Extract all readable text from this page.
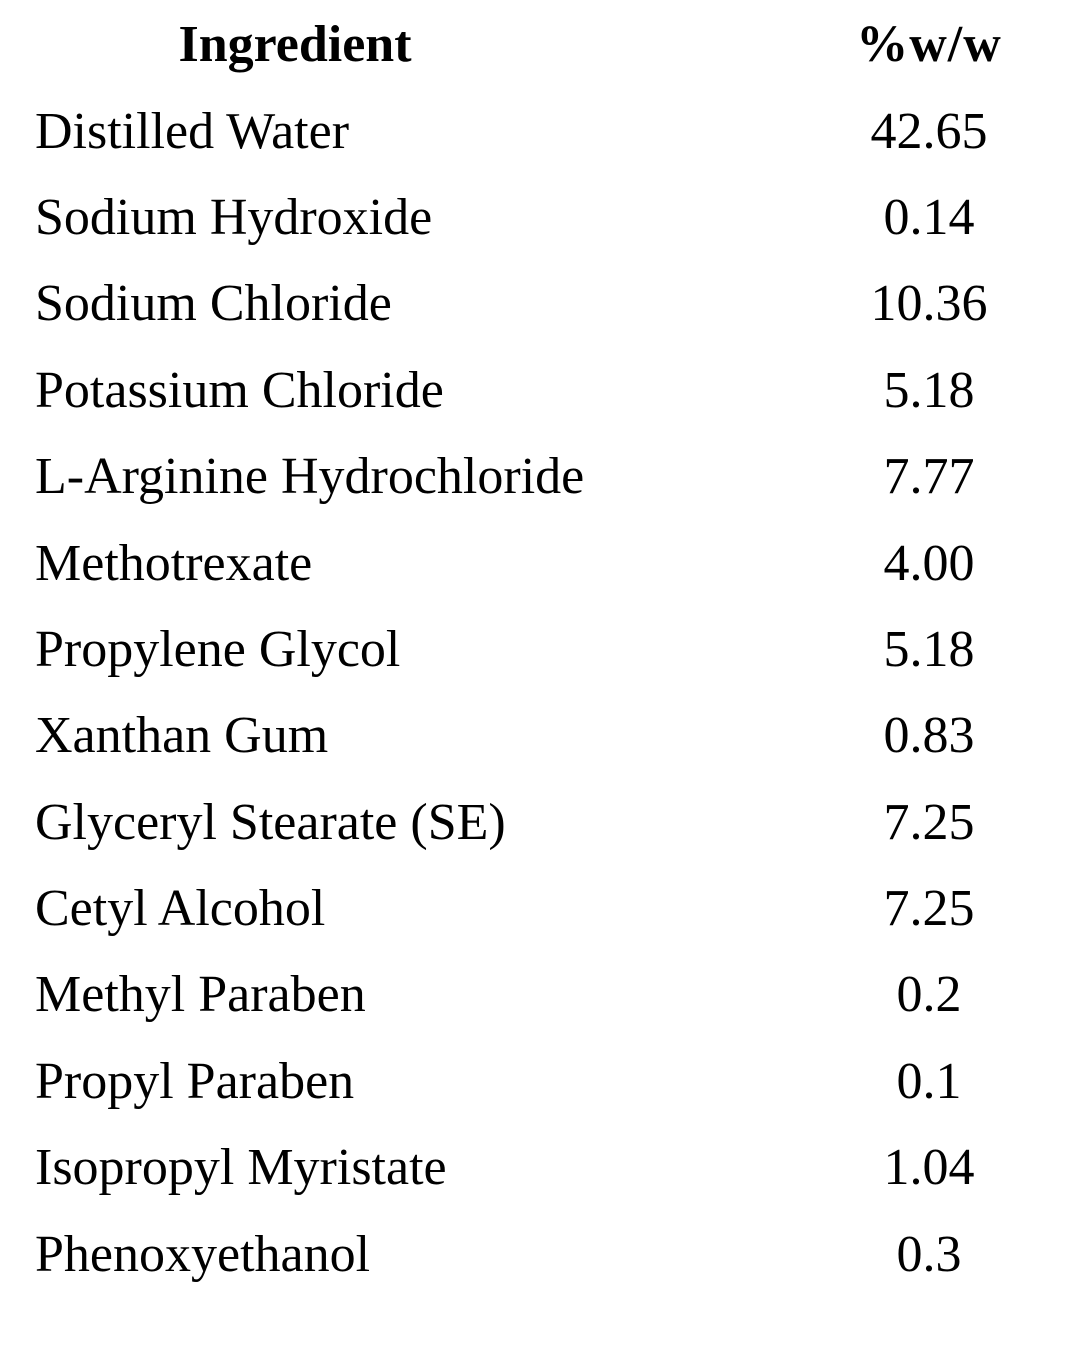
Ingredient	%w/w
Distilled Water	42.65
Sodium Hydroxide	0.14
Sodium Chloride	10.36
Potassium Chloride	5.18
L-Arginine Hydrochloride	7.77
Methotrexate	4.00
Propylene Glycol	5.18
Xanthan Gum	0.83
Glyceryl Stearate (SE)	7.25
Cetyl Alcohol	7.25
Methyl Paraben	0.2
Propyl Paraben	0.1
Isopropyl Myristate	1.04
Phenoxyethanol	0.3
